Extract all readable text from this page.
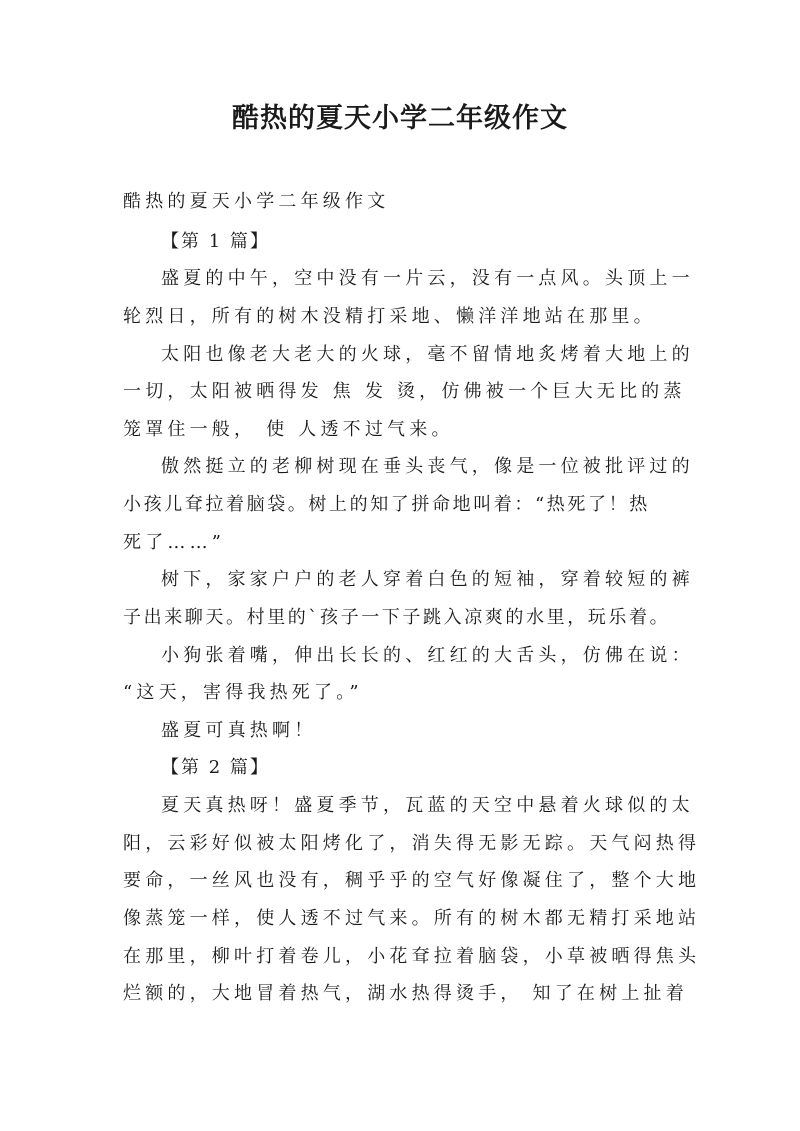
酷热的夏天小学二年级作文
酷热的夏天小学二年级作文
【第 1 篇】
盛夏的中午，空中没有一片云，没有一点风。头顶上一
轮烈日，所有的树木没精打采地、懒洋洋地站在那里。
太阳也像老大老大的火球，毫不留情地炙烤着大地上的
一切，太阳被晒得发 焦 发 烫，仿佛被一个巨大无比的蒸
笼罩住一般， 使 人透不过气来。
傲然挺立的老柳树现在垂头丧气，像是一位被批评过的
小孩儿耷拉着脑袋。树上的知了拼命地叫着：“热死了！热
死了……”
树下，家家户户的老人穿着白色的短袖，穿着较短的裤
子出来聊天。村里的`孩子一下子跳入凉爽的水里，玩乐着。
小狗张着嘴，伸出长长的、红红的大舌头，仿佛在说：
“这天，害得我热死了。”
盛夏可真热啊！
【第 2 篇】
夏天真热呀！盛夏季节，瓦蓝的天空中悬着火球似的太
阳，云彩好似被太阳烤化了，消失得无影无踪。天气闷热得
要命，一丝风也没有，稠乎乎的空气好像凝住了，整个大地
像蒸笼一样，使人透不过气来。所有的树木都无精打采地站
在那里，柳叶打着卷儿，小花耷拉着脑袋，小草被晒得焦头
烂额的，大地冒着热气，湖水热得烫手， 知了在树上扯着
